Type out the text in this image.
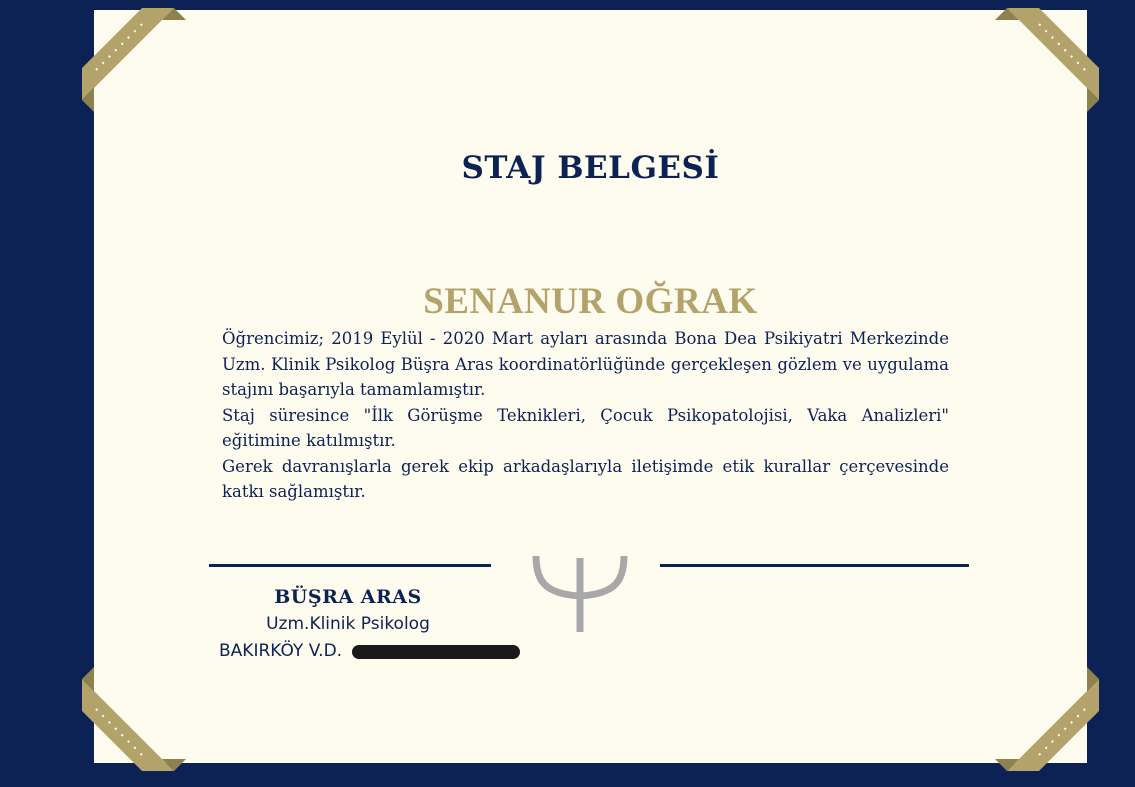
STAJ BELGESİ
SENANUR OĞRAK

Öğrencimiz; 2019 Eylül - 2020 Mart ayları arasında Bona Dea Psikiyatri Merkezinde Uzm. Klinik Psikolog Büşra Aras koordinatörlüğünde gerçekleşen gözlem ve uygulama stajını başarıyla tamamlamıştır.

Staj süresince "İlk Görüşme Teknikleri, Çocuk Psikopatolojisi, Vaka Analizleri" eğitimine katılmıştır.

Gerek davranışlarla gerek ekip arkadaşlarıyla iletişimde etik kurallar çerçevesinde katkı sağlamıştır.

BÜŞRA ARAS
Uzm.Klinik Psikolog
BAKIRKÖY V.D.
